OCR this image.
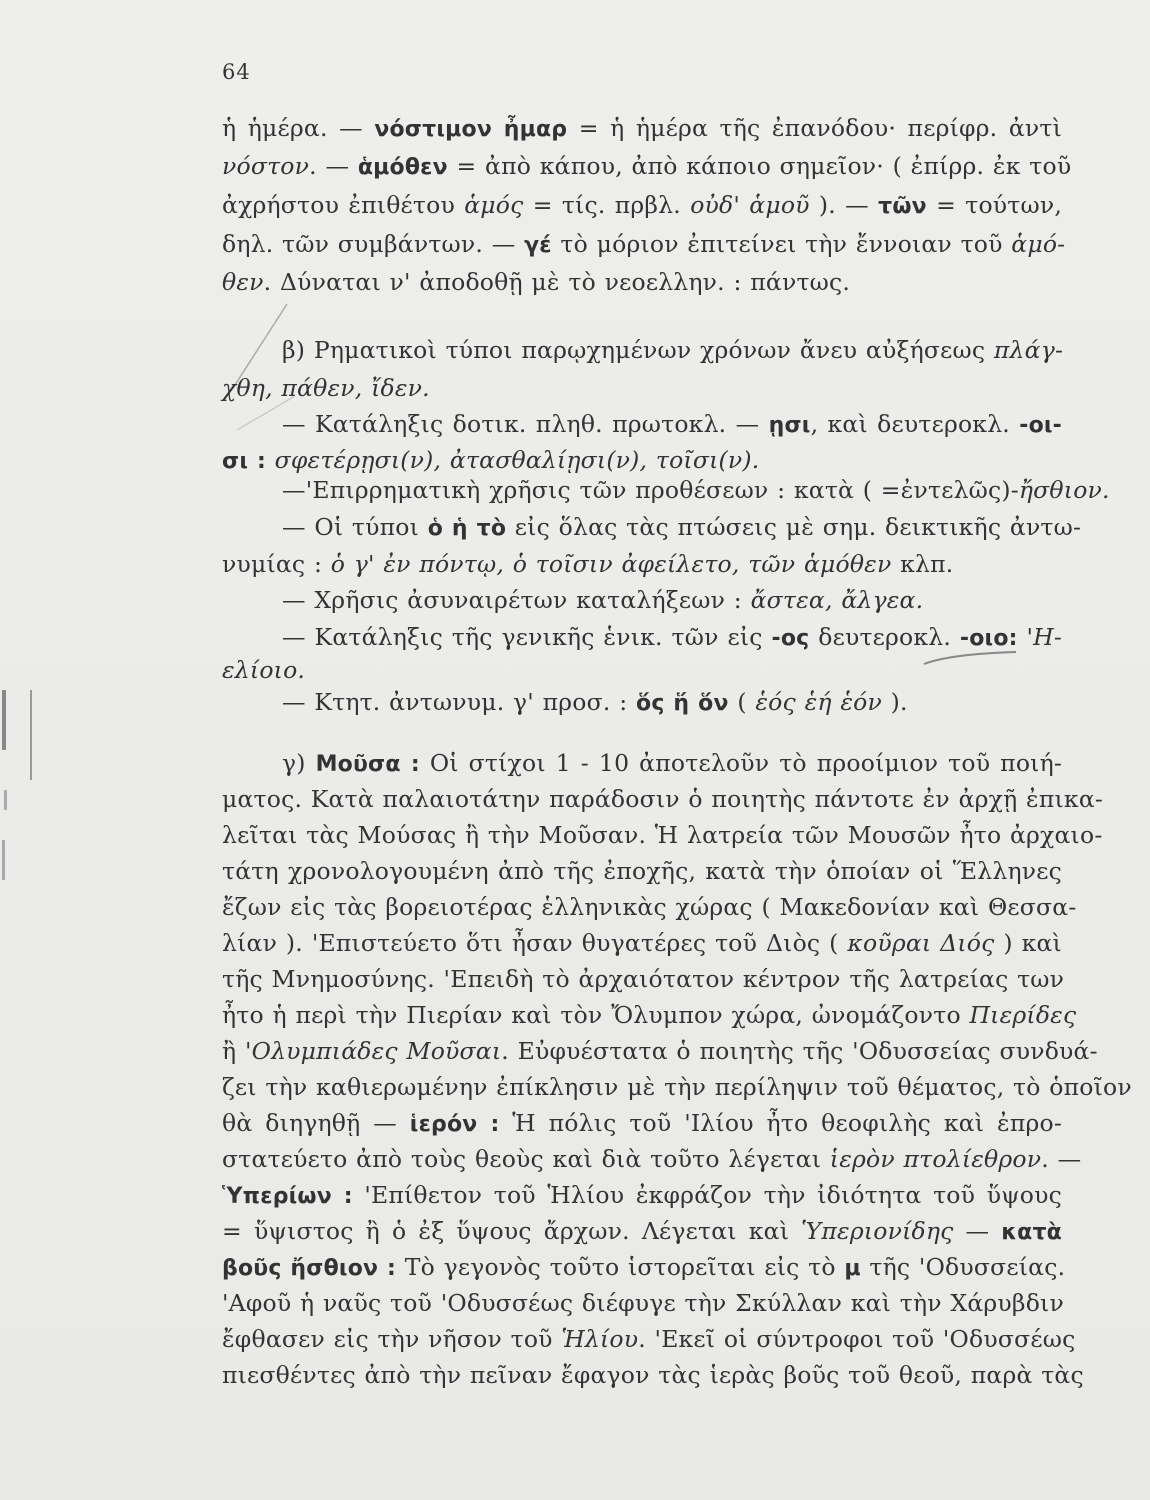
64
ἡ ἡμέρα. — νόστιμον ἦμαρ = ἡ ἡμέρα τῆς ἐπανόδου· περίφρ. ἀντὶ
νόστον. — ἁμόθεν = ἀπὸ κάπου, ἀπὸ κάποιο σημεῖον· ( ἐπίρρ. ἐκ τοῦ
ἀχρήστου ἐπιθέτου ἁμός = τίς. πρβλ. οὐδ' ἁμοῦ ). — τῶν = τούτων,
δηλ. τῶν συμβάντων. — γέ τὸ μόριον ἐπιτείνει τὴν ἔννοιαν τοῦ ἁμό-
θεν. Δύναται ν' ἀποδοθῇ μὲ τὸ νεοελλην. : πάντως.
β) Ρηματικοὶ τύποι παρῳχημένων χρόνων ἄνευ αὐξήσεως πλάγ-
χθη, πάθεν, ἴδεν.
— Κατάληξις δοτικ. πληθ. πρωτοκλ. — ῃσι, καὶ δευτεροκλ. -οι-
σι : σφετέρῃσι(ν), ἀτασθαλίῃσι(ν), τοῖσι(ν).
—'Επιρρηματικὴ χρῆσις τῶν προθέσεων : κατὰ ( =ἐντελῶς)-ἤσθιον.
— Οἱ τύποι ὁ ἡ τὸ εἰς ὅλας τὰς πτώσεις μὲ σημ. δεικτικῆς ἀντω-
νυμίας : ὁ γ' ἐν πόντῳ, ὁ τοῖσιν ἀφείλετο, τῶν ἁμόθεν κλπ.
— Χρῆσις ἀσυναιρέτων καταλήξεων : ἄστεα, ἄλγεα.
— Κατάληξις τῆς γενικῆς ἑνικ. τῶν εἰς -ος δευτεροκλ. -οιο: 'Η-
ελίοιο.
— Κτητ. ἀντωνυμ. γ' προσ. : ὅς ἥ ὅν ( ἑός ἑή ἑόν ).
γ) Μοῦσα : Οἱ στίχοι 1 - 10 ἀποτελοῦν τὸ προοίμιον τοῦ ποιή-
ματος. Κατὰ παλαιοτάτην παράδοσιν ὁ ποιητὴς πάντοτε ἐν ἀρχῇ ἐπικα-
λεῖται τὰς Μούσας ἢ τὴν Μοῦσαν. Ἡ λατρεία τῶν Μουσῶν ἦτο ἀρχαιο-
τάτη χρονολογουμένη ἀπὸ τῆς ἐποχῆς, κατὰ τὴν ὁποίαν οἱ Ἕλληνες
ἔζων εἰς τὰς βορειοτέρας ἑλληνικὰς χώρας ( Μακεδονίαν καὶ Θεσσα-
λίαν ). 'Επιστεύετο ὅτι ἦσαν θυγατέρες τοῦ Διὸς ( κοῦραι Διός ) καὶ
τῆς Μνημοσύνης. 'Επειδὴ τὸ ἀρχαιότατον κέντρον τῆς λατρείας των
ἦτο ἡ περὶ τὴν Πιερίαν καὶ τὸν Ὄλυμπον χώρα, ὠνομάζοντο Πιερίδες
ἢ 'Ολυμπιάδες Μοῦσαι. Εὐφυέστατα ὁ ποιητὴς τῆς 'Οδυσσείας συνδυά-
ζει τὴν καθιερωμένην ἐπίκλησιν μὲ τὴν περίληψιν τοῦ θέματος, τὸ ὁποῖον
θὰ διηγηθῇ — ἱερόν : Ἡ πόλις τοῦ 'Ιλίου ἦτο θεοφιλὴς καὶ ἐπρο-
στατεύετο ἀπὸ τοὺς θεοὺς καὶ διὰ τοῦτο λέγεται ἱερὸν πτολίεθρον. —
Ὑπερίων : 'Επίθετον τοῦ Ἡλίου ἐκφράζον τὴν ἰδιότητα τοῦ ὕψους
= ὕψιστος ἢ ὁ ἐξ ὕψους ἄρχων. Λέγεται καὶ Ὑπεριονίδης — κατὰ
βοῦς ἤσθιον : Τὸ γεγονὸς τοῦτο ἱστορεῖται εἰς τὸ μ τῆς 'Οδυσσείας.
'Αφοῦ ἡ ναῦς τοῦ 'Οδυσσέως διέφυγε τὴν Σκύλλαν καὶ τὴν Χάρυβδιν
ἔφθασεν εἰς τὴν νῆσον τοῦ Ἡλίου. 'Εκεῖ οἱ σύντροφοι τοῦ 'Οδυσσέως
πιεσθέντες ἀπὸ τὴν πεῖναν ἔφαγον τὰς ἱερὰς βοῦς τοῦ θεοῦ, παρὰ τὰς
